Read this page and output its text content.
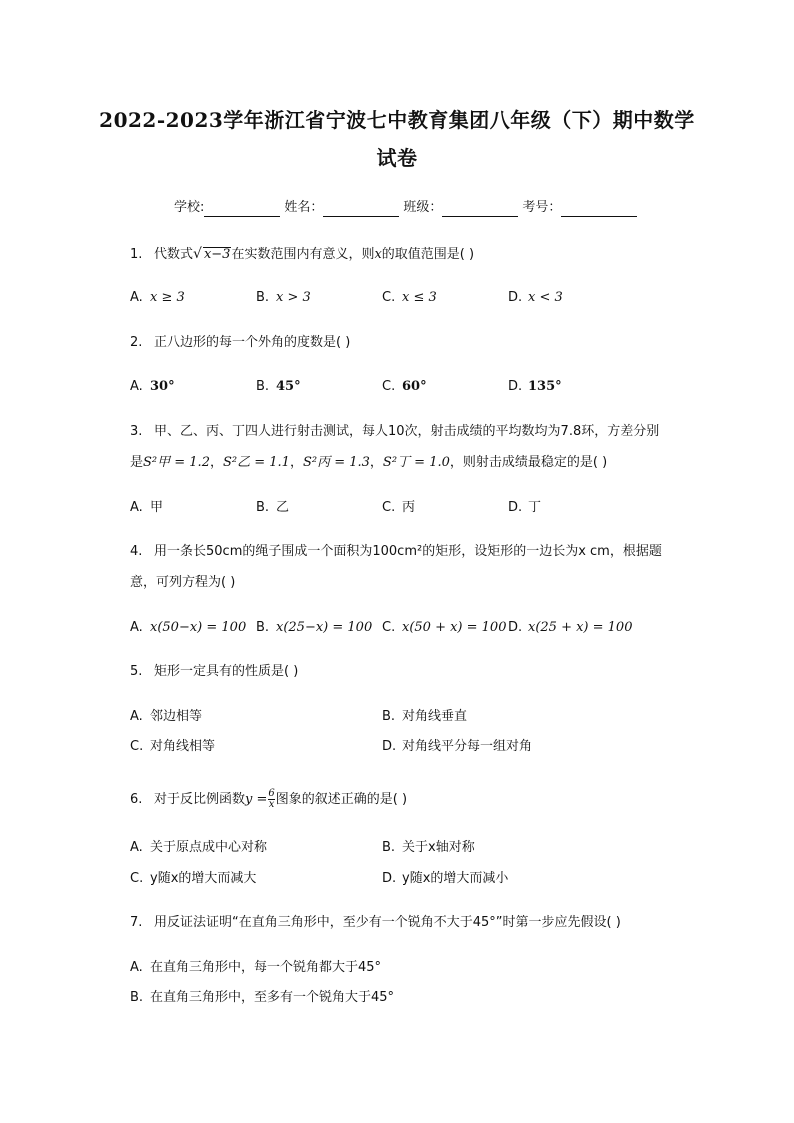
2022-2023学年浙江省宁波七中教育集团八年级（下）期中数学
试卷
学校:	姓名：	班级：	考号：
1. 代数式√ x−3在实数范围内有意义，则x的取值范围是( )
A. x ≥ 3	B. x > 3	C. x ≤ 3	D. x < 3
2. 正八边形的每一个外角的度数是( )
A. 30°	B. 45°	C. 60°	D. 135°
3. 甲、乙、丙、丁四人进行射击测试，每人10次，射击成绩的平均数均为7.8环，方差分别
是S²甲 = 1.2，S²乙 = 1.1，S²丙 = 1.3，S²丁 = 1.0，则射击成绩最稳定的是( )
A. 甲	B. 乙	C. 丙	D. 丁
4. 用一条长50cm的绳子围成一个面积为100cm²的矩形，设矩形的一边长为x cm，根据题
意，可列方程为( )
A. x(50−x) = 100 B. x(25−x) = 100 C. x(50 + x) = 100 D. x(25 + x) = 100
5. 矩形一定具有的性质是( )
A. 邻边相等	B. 对角线垂直
C. 对角线相等	D. 对角线平分每一组对角
6. 对于反比例函数$y = \frac{6}{x}$ 图象的叙述正确的是( )
A. 关于原点成中心对称	B. 关于x轴对称
C. y随x的增大而减大	D. y随x的增大而减小
7. 用反证法证明“在直角三角形中，至少有一个锐角不大于45°”时第一步应先假设( )
A. 在直角三角形中，每一个锐角都大于45°
B. 在直角三角形中，至多有一个锐角大于45°
